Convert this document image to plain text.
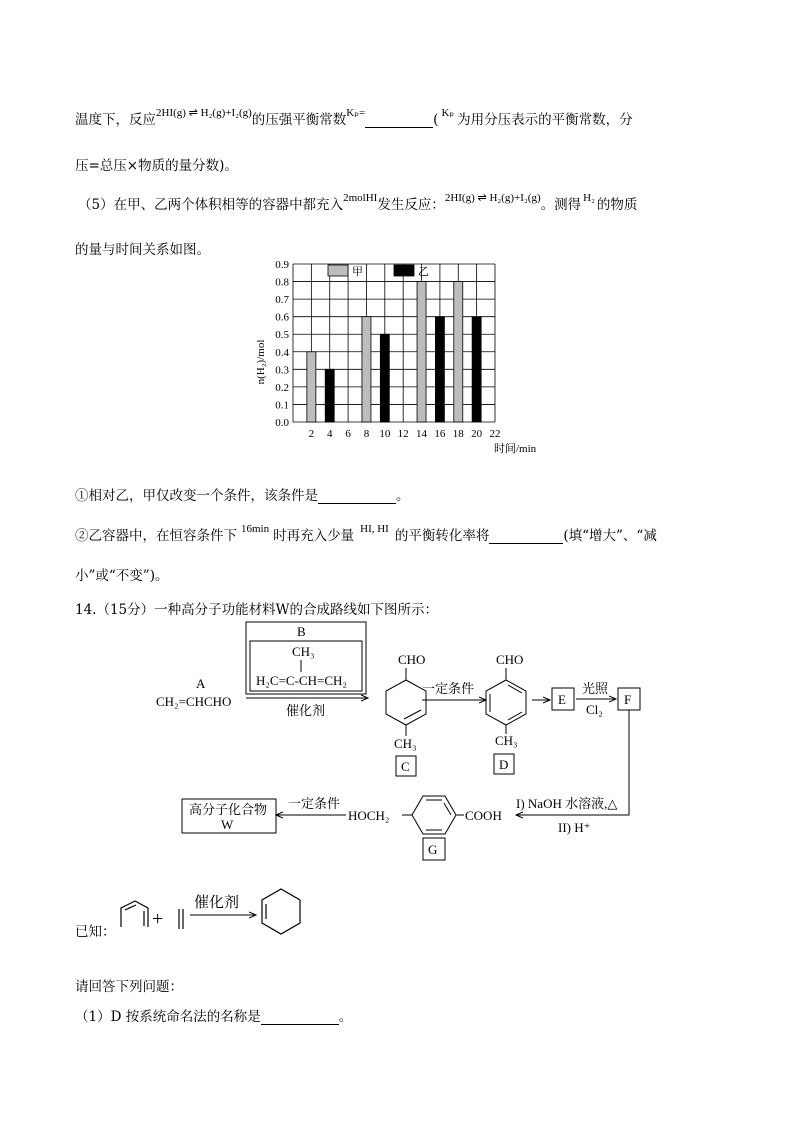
温度下，反应$^{2HI(g) \rightleftharpoons H_2(g)+I_2(g)}$的压强平衡常数$^{K_p=}$	( $^{K_p}$ 为用分压表示的平衡常数，分
压=总压×物质的量分数)。
（5）在甲、乙两个体积相等的容器中都充入$^{2molHI}$发生反应：$^{2HI(g) \rightleftharpoons H_2(g)+I_2(g)}$。测得 $^{H_2}$ 的物质
的量与时间关系如图。
0.0
0.1
0.2
0.3
0.4
0.5
0.6
0.7
0.8
0.9
2 4 6 8 10 12 14 16 18 20 22
甲	乙
n(H₂)/mol
时间/min
①相对乙，甲仅改变一个条件，该条件是	。
②乙容器中，在恒容条件下 $^{16min}$ 时再充入少量 $^{HI, HI}$ 的平衡转化率将	(填“增大”、“减
小”或“不变”)。
14.（15分）一种高分子功能材料W的合成路线如下图所示：
A
CH₂=CHCHO
B
CH₃
H₂C=C-CH=CH₂
催化剂
CHO
CH₃
C
一定条件
CHO
CH₃
D
E
光照
Cl₂
F
I) NaOH 水溶液,△
II) H⁺
HOCH₂	COOH
G
一定条件
高分子化合物
W
已知：
+
催化剂
请回答下列问题：
（1）D 按系统命名法的名称是	。
